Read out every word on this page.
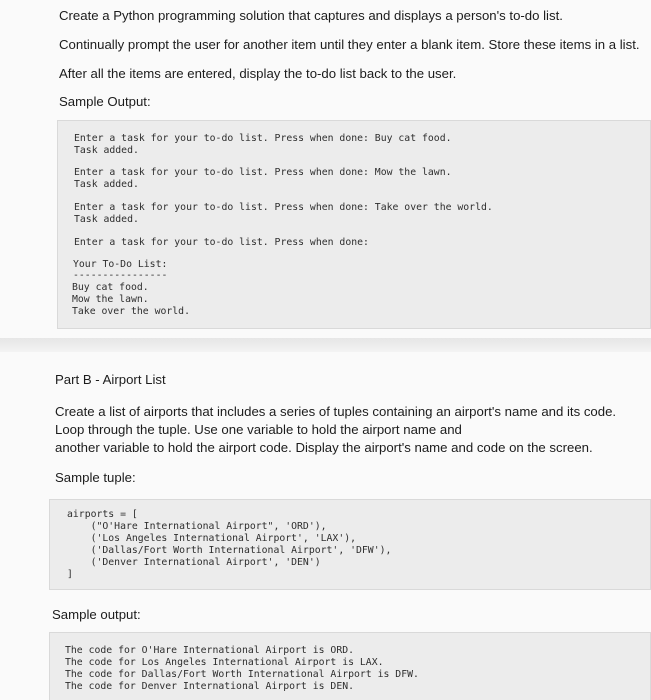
Create a Python programming solution that captures and displays a person's to-do list.
Continually prompt the user for another item until they enter a blank item. Store these items in a list.
After all the items are entered, display the to-do list back to the user.
Sample Output:
Enter a task for your to-do list. Press when done: Buy cat food.
Task added.
Enter a task for your to-do list. Press when done: Mow the lawn.
Task added.
Enter a task for your to-do list. Press when done: Take over the world.
Task added.
Enter a task for your to-do list. Press when done:
Your To-Do List:
----------------
Buy cat food.
Mow the lawn.
Take over the world.
Part B - Airport List
Create a list of airports that includes a series of tuples containing an airport's name and its code.
Loop through the tuple. Use one variable to hold the airport name and
another variable to hold the airport code. Display the airport's name and code on the screen.
Sample tuple:
airports = [
("O'Hare International Airport", 'ORD'),
('Los Angeles International Airport', 'LAX'),
('Dallas/Fort Worth International Airport', 'DFW'),
('Denver International Airport', 'DEN')
]
Sample output:
The code for O'Hare International Airport is ORD.
The code for Los Angeles International Airport is LAX.
The code for Dallas/Fort Worth International Airport is DFW.
The code for Denver International Airport is DEN.
